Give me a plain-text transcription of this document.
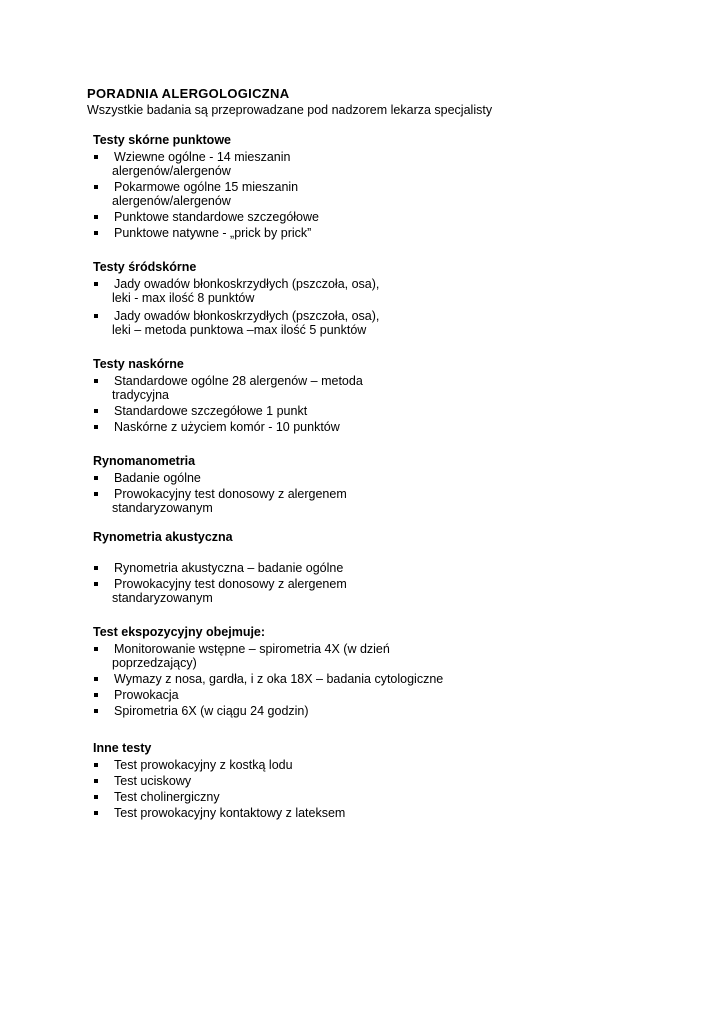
PORADNIA ALERGOLOGICZNA
Wszystkie badania są przeprowadzane pod nadzorem lekarza specjalisty
Testy skórne punktowe
Wziewne ogólne - 14 mieszanin
alergenów/alergenów
Pokarmowe ogólne 15 mieszanin
alergenów/alergenów
Punktowe standardowe szczegółowe
Punktowe natywne - „prick by prick”
Testy śródskórne
Jady owadów błonkoskrzydłych (pszczoła, osa),
leki - max ilość 8 punktów
Jady owadów błonkoskrzydłych (pszczoła, osa),
leki – metoda punktowa –max ilość 5 punktów
Testy naskórne
Standardowe ogólne 28 alergenów – metoda
tradycyjna
Standardowe szczegółowe 1 punkt
Naskórne z użyciem komór - 10 punktów
Rynomanometria
Badanie ogólne
Prowokacyjny test donosowy z alergenem
standaryzowanym
Rynometria akustyczna
Rynometria akustyczna – badanie ogólne
Prowokacyjny test donosowy z alergenem
standaryzowanym
Test ekspozycyjny obejmuje:
Monitorowanie wstępne – spirometria 4X (w dzień
poprzedzający)
Wymazy z nosa, gardła, i z oka 18X – badania cytologiczne
Prowokacja
Spirometria 6X (w ciągu 24 godzin)
Inne testy
Test prowokacyjny z kostką lodu
Test uciskowy
Test cholinergiczny
Test prowokacyjny kontaktowy z lateksem
